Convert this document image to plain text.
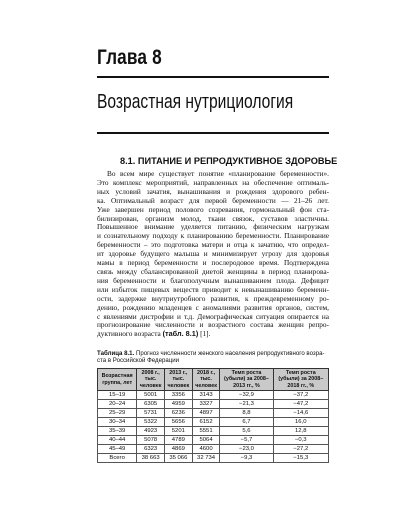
Глава 8
Возрастная нутрициология
8.1. ПИТАНИЕ И РЕПРОДУКТИВНОЕ ЗДОРОВЬЕ
Во всем мире существует понятие «планирование беременности».
Это комплекс мероприятий, направленных на обеспечение оптималь-
ных условий зачатия, вынашивания и рождения здорового ребен-
ка. Оптимальный возраст для первой беременности — 21–26 лет.
Уже завершен период полового созревания, гормональный фон ста-
билизирован, организм молод, ткани связок, суставов эластичны.
Повышенное внимание уделяется питанию, физическим нагрузкам
и сознательному подходу к планированию беременности. Планирование
беременности – это подготовка матери и отца к зачатию, что определ-
ит здоровье будущего малыша и минимизирует угрозу для здоровья
мамы в период беременности и послеродовое время. Подтверждена
связь между сбалансированной диетой женщины в период планирова-
ния беременности и благополучным вынашиванием плода. Дефицит
или избыток пищевых веществ приводит к невынашиванию беременн-
ости, задержке внутриутробного развития, к преждевременному ро-
дению, рождению младенцев с аномалиями развития органов, систем,
с явлениями дистрофии и т.д. Демографическая ситуация опирается на
прогнозирование численности и возрастного состава женщин репро-
дуктивного возраста (табл. 8.1) [1].
Таблица 8.1. Прогноз численности женского населения репродуктивного возра-ста в Российской Федерации
Возрастная группа, лет	2008 г., тыс. человек	2013 г., тыс. человек	2018 г., тыс. человек	Темп роста (убыли) за 2008–2013 гг., %	Темп роста (убыли) за 2008–2018 гг., %
15–19	5001	3356	3143	−32,9	−37,2
20–24	6305	4959	3327	−21,3	−47,2
25–29	5731	6236	4897	8,8	−14,6
30–34	5322	5656	6152	6,7	16,0
35–39	4923	5201	5551	5,6	12,8
40–44	5078	4789	5064	−5,7	−0,3
45–49	6323	4869	4600	−23,0	−27,2
Всего	38 663	35 066	32 734	−9,3	−15,3
